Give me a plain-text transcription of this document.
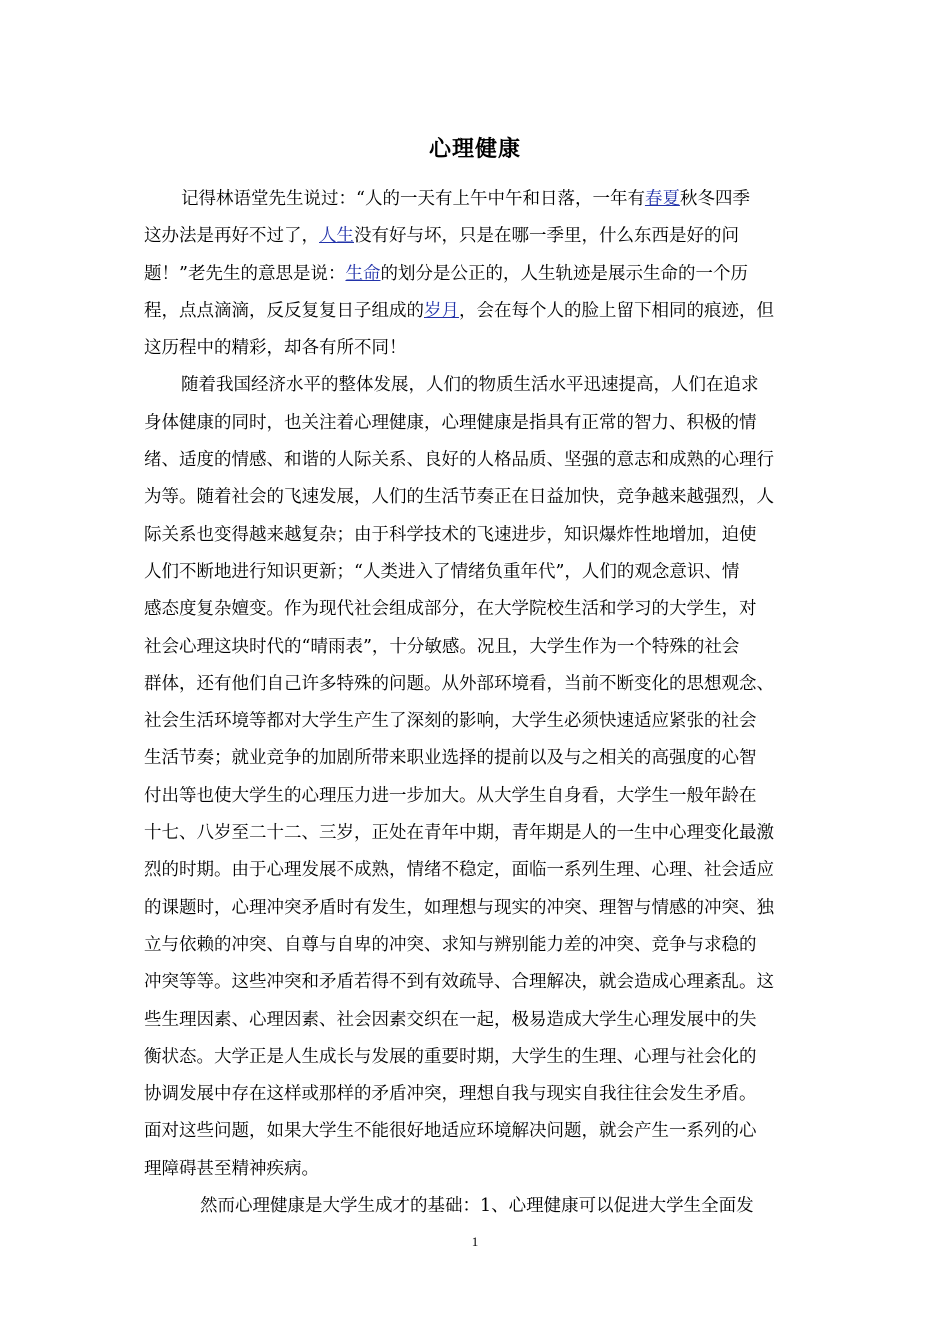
心理健康
记得林语堂先生说过：“人的一天有上午中午和日落，一年有春夏秋冬四季
这办法是再好不过了，人生没有好与坏，只是在哪一季里，什么东西是好的问
题！”老先生的意思是说：生命的划分是公正的，人生轨迹是展示生命的一个历
程，点点滴滴，反反复复日子组成的岁月，会在每个人的脸上留下相同的痕迹，但
这历程中的精彩，却各有所不同！
随着我国经济水平的整体发展，人们的物质生活水平迅速提高，人们在追求
身体健康的同时，也关注着心理健康，心理健康是指具有正常的智力、积极的情
绪、适度的情感、和谐的人际关系、良好的人格品质、坚强的意志和成熟的心理行
为等。随着社会的飞速发展，人们的生活节奏正在日益加快，竞争越来越强烈，人
际关系也变得越来越复杂；由于科学技术的飞速进步，知识爆炸性地增加，迫使
人们不断地进行知识更新；“人类进入了情绪负重年代”，人们的观念意识、情
感态度复杂嬗变。作为现代社会组成部分，在大学院校生活和学习的大学生，对
社会心理这块时代的“晴雨表”，十分敏感。况且，大学生作为一个特殊的社会
群体，还有他们自己许多特殊的问题。从外部环境看，当前不断变化的思想观念、
社会生活环境等都对大学生产生了深刻的影响，大学生必须快速适应紧张的社会
生活节奏；就业竞争的加剧所带来职业选择的提前以及与之相关的高强度的心智
付出等也使大学生的心理压力进一步加大。从大学生自身看，大学生一般年龄在
十七、八岁至二十二、三岁，正处在青年中期，青年期是人的一生中心理变化最激
烈的时期。由于心理发展不成熟，情绪不稳定，面临一系列生理、心理、社会适应
的课题时，心理冲突矛盾时有发生，如理想与现实的冲突、理智与情感的冲突、独
立与依赖的冲突、自尊与自卑的冲突、求知与辨别能力差的冲突、竞争与求稳的
冲突等等。这些冲突和矛盾若得不到有效疏导、合理解决，就会造成心理紊乱。这
些生理因素、心理因素、社会因素交织在一起，极易造成大学生心理发展中的失
衡状态。大学正是人生成长与发展的重要时期，大学生的生理、心理与社会化的
协调发展中存在这样或那样的矛盾冲突，理想自我与现实自我往往会发生矛盾。
面对这些问题，如果大学生不能很好地适应环境解决问题，就会产生一系列的心
理障碍甚至精神疾病。
然而心理健康是大学生成才的基础：1、心理健康可以促进大学生全面发
1
